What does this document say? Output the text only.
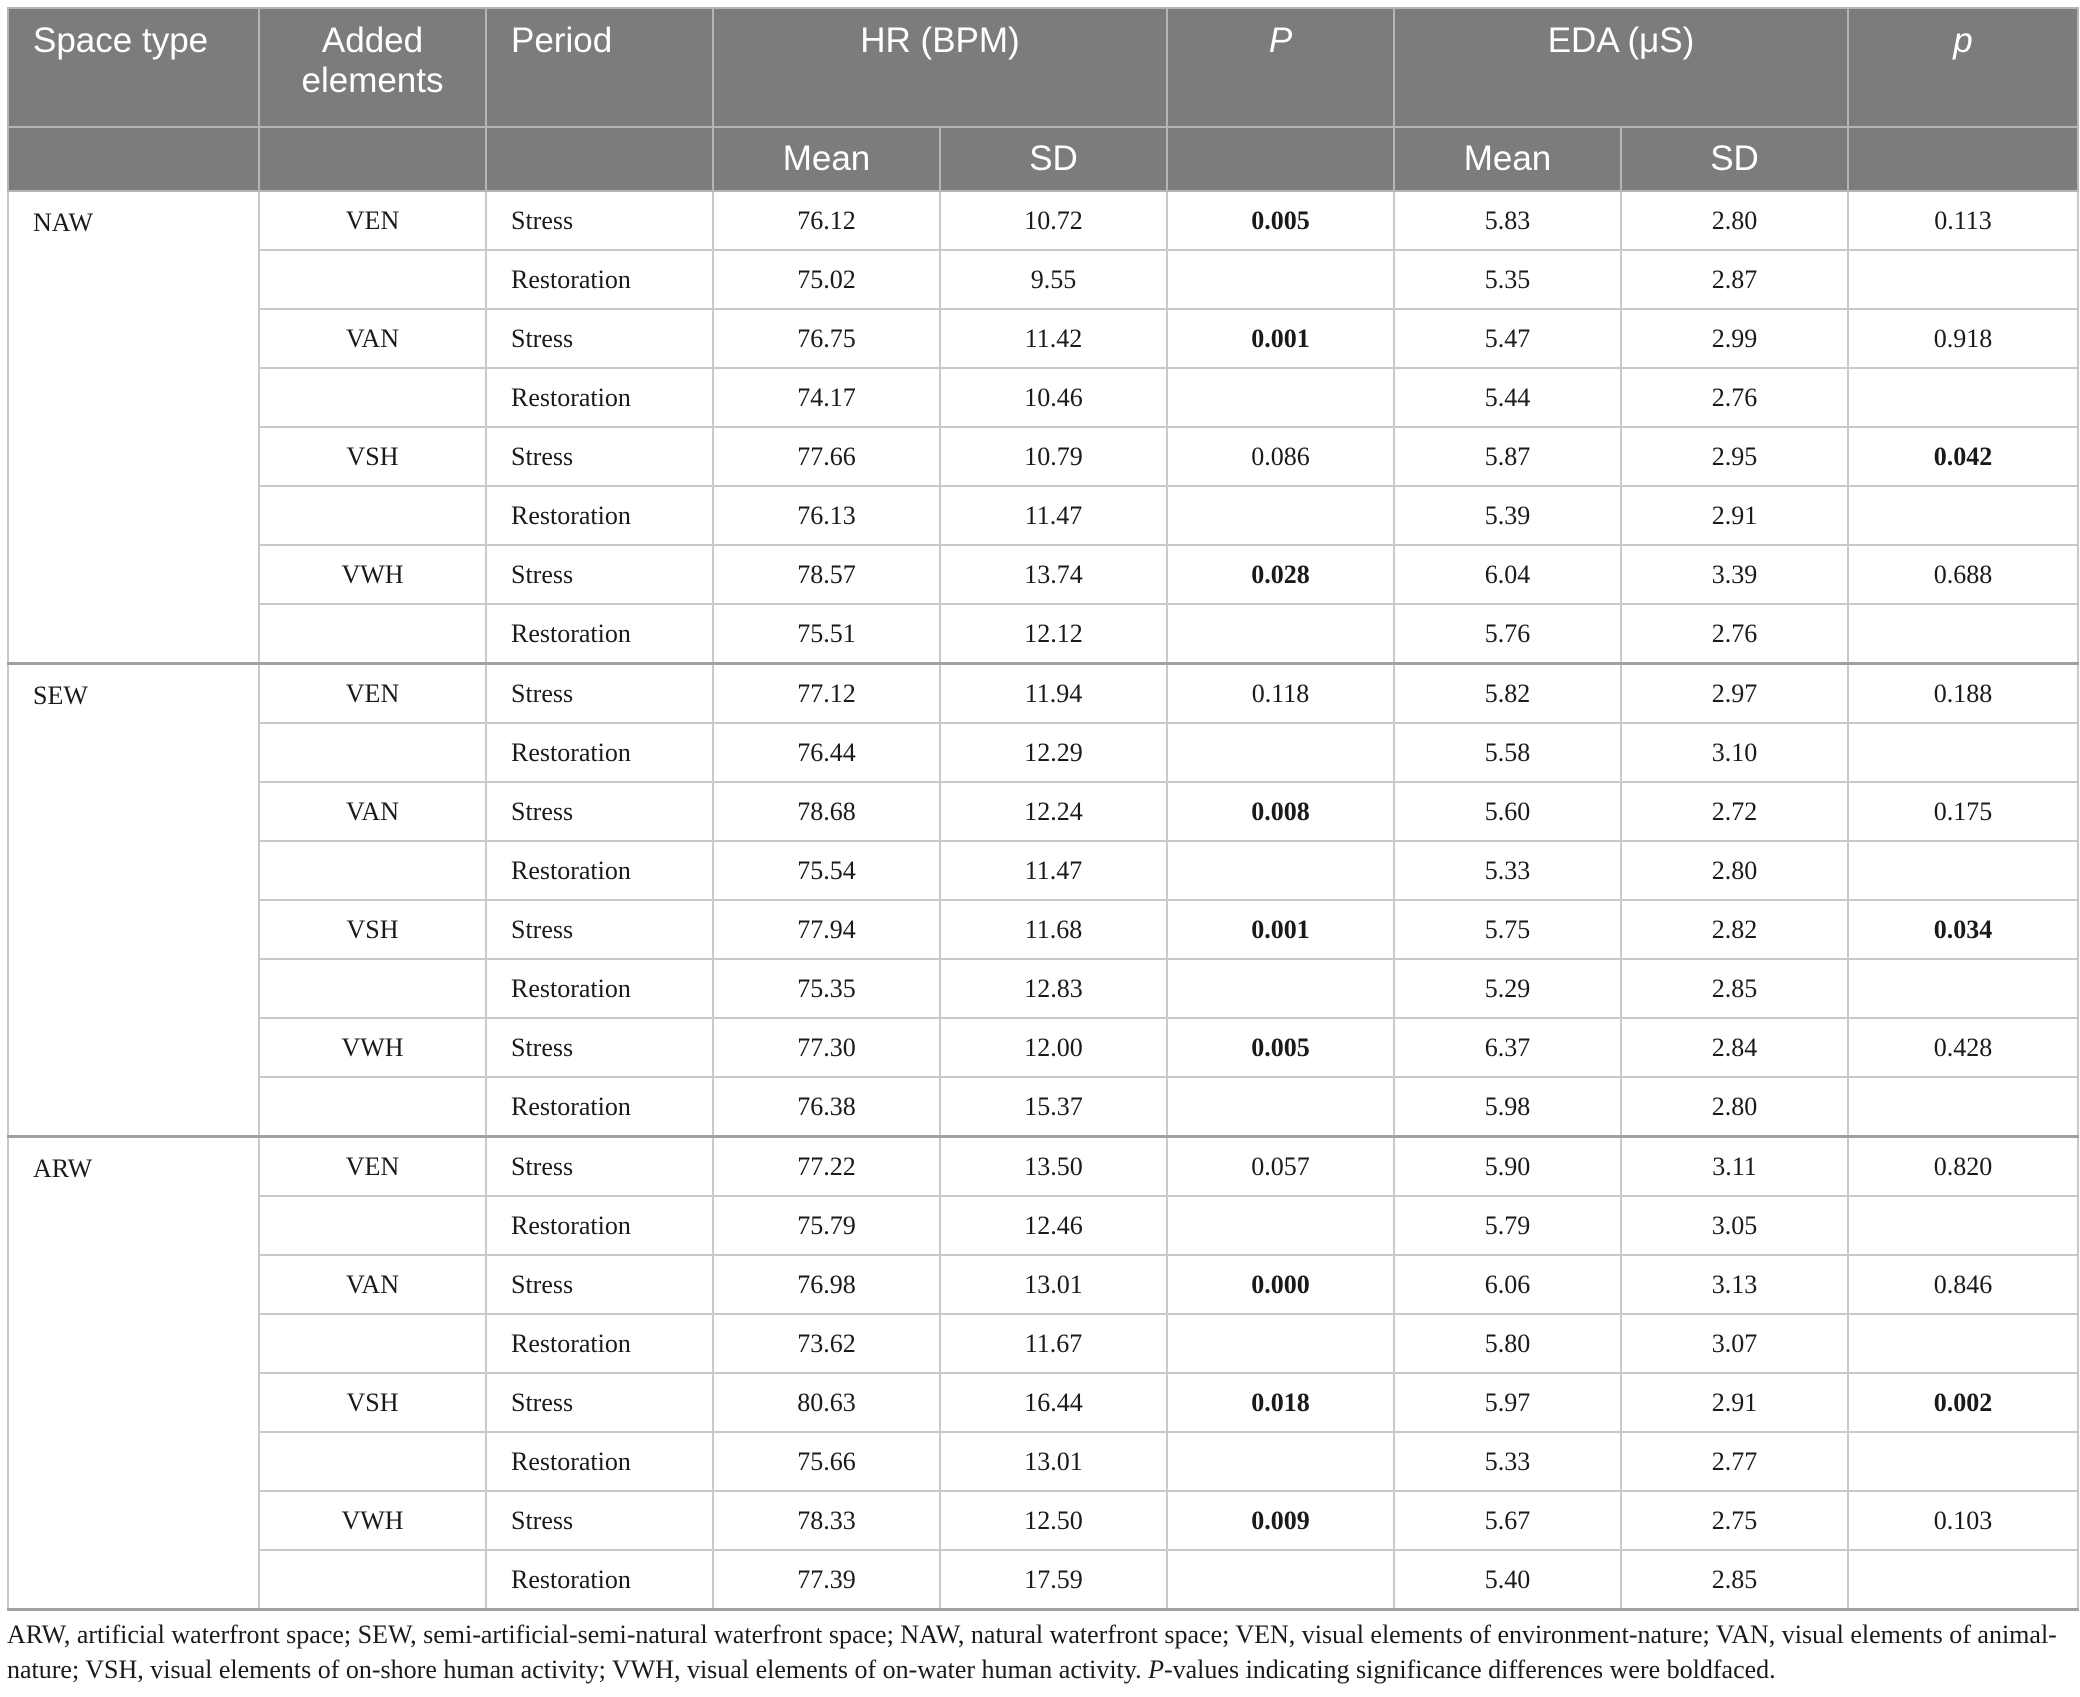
Space type	Added elements	Period	HR (BPM)		P	EDA (μS)		p
			Mean	SD		Mean	SD	
NAW	VEN	Stress	76.12	10.72	0.005	5.83	2.80	0.113
		Restoration	75.02	9.55		5.35	2.87	
	VAN	Stress	76.75	11.42	0.001	5.47	2.99	0.918
		Restoration	74.17	10.46		5.44	2.76	
	VSH	Stress	77.66	10.79	0.086	5.87	2.95	0.042
		Restoration	76.13	11.47		5.39	2.91	
	VWH	Stress	78.57	13.74	0.028	6.04	3.39	0.688
		Restoration	75.51	12.12		5.76	2.76	
SEW	VEN	Stress	77.12	11.94	0.118	5.82	2.97	0.188
		Restoration	76.44	12.29		5.58	3.10	
	VAN	Stress	78.68	12.24	0.008	5.60	2.72	0.175
		Restoration	75.54	11.47		5.33	2.80	
	VSH	Stress	77.94	11.68	0.001	5.75	2.82	0.034
		Restoration	75.35	12.83		5.29	2.85	
	VWH	Stress	77.30	12.00	0.005	6.37	2.84	0.428
		Restoration	76.38	15.37		5.98	2.80	
ARW	VEN	Stress	77.22	13.50	0.057	5.90	3.11	0.820
		Restoration	75.79	12.46		5.79	3.05	
	VAN	Stress	76.98	13.01	0.000	6.06	3.13	0.846
		Restoration	73.62	11.67		5.80	3.07	
	VSH	Stress	80.63	16.44	0.018	5.97	2.91	0.002
		Restoration	75.66	13.01		5.33	2.77	
	VWH	Stress	78.33	12.50	0.009	5.67	2.75	0.103
		Restoration	77.39	17.59		5.40	2.85	
ARW, artificial waterfront space; SEW, semi-artificial-semi-natural waterfront space; NAW, natural waterfront space; VEN, visual elements of environment-nature; VAN, visual elements of animal-nature; VSH, visual elements of on-shore human activity; VWH, visual elements of on-water human activity. P-values indicating significance differences were boldfaced.
